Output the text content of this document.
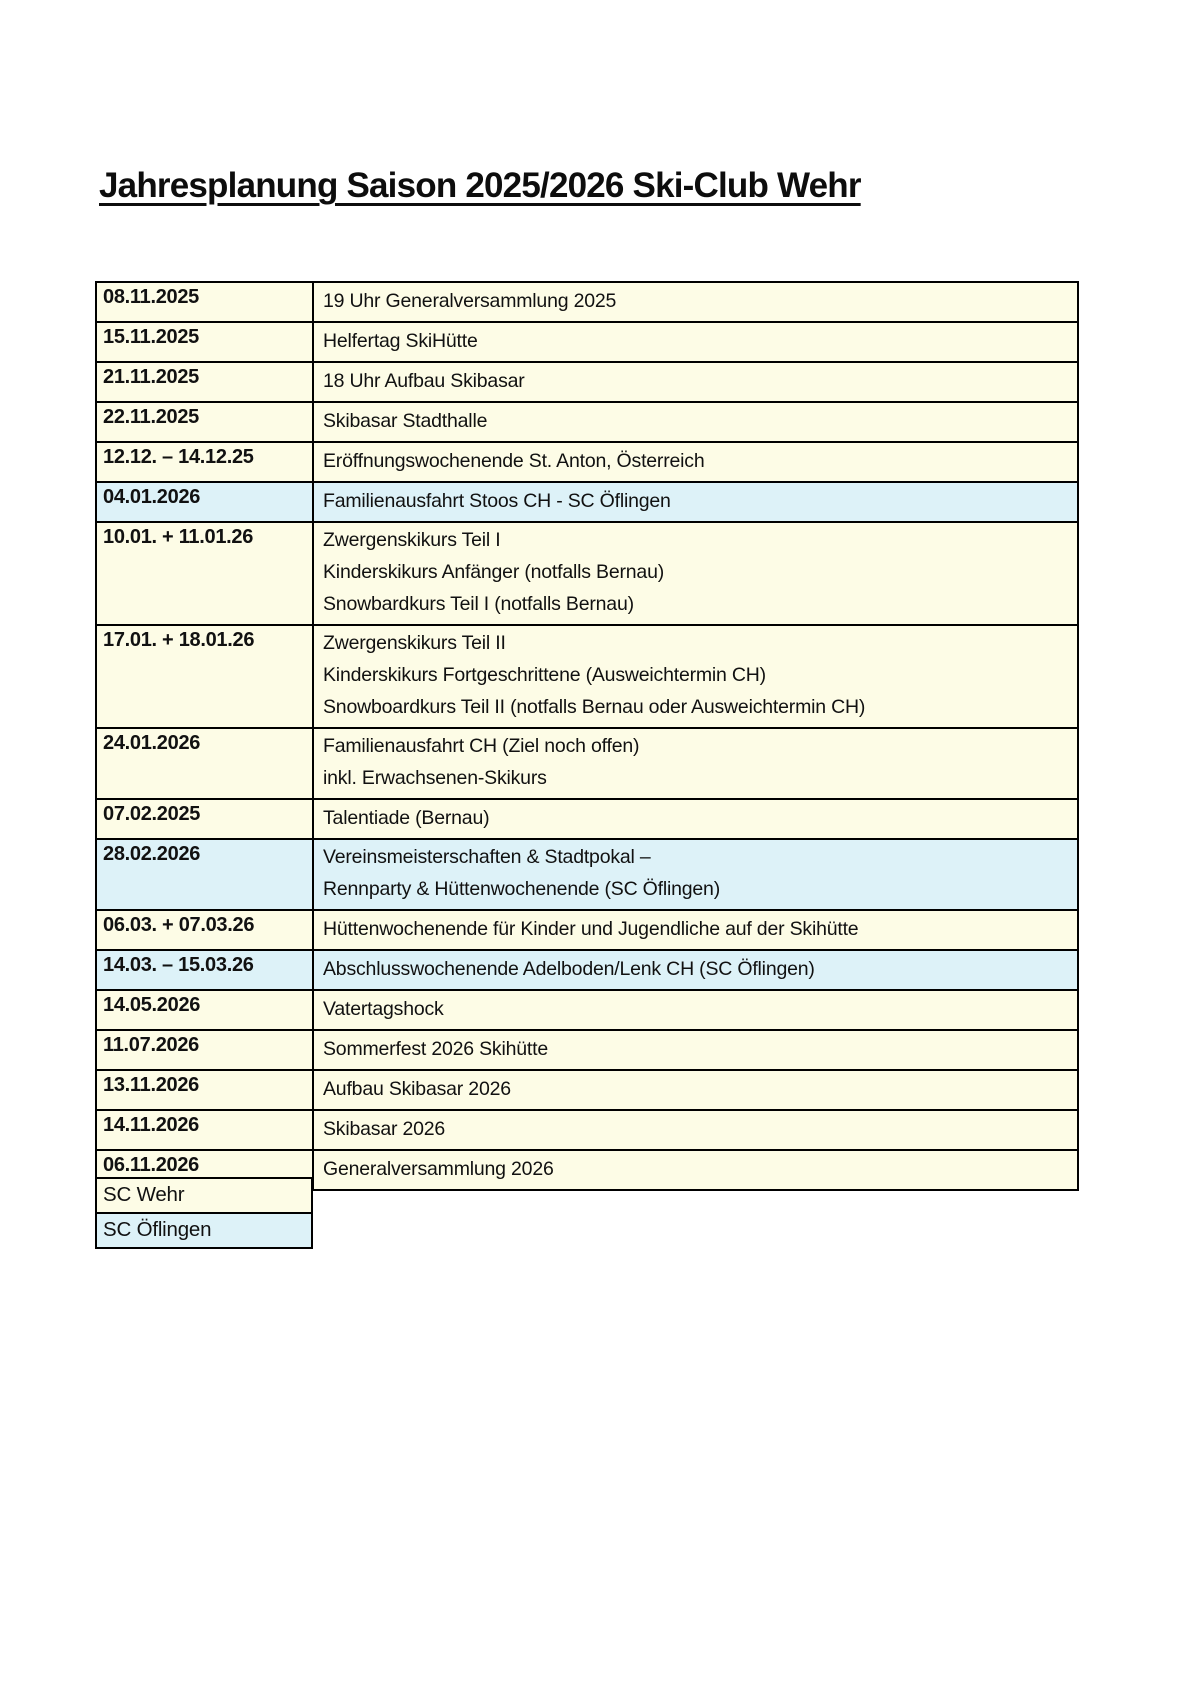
Jahresplanung Saison 2025/2026 Ski-Club Wehr
08.11.2025	19 Uhr Generalversammlung 2025

15.11.2025	Helfertag SkiHütte

21.11.2025	18 Uhr Aufbau Skibasar

22.11.2025	Skibasar Stadthalle

12.12. – 14.12.25	Eröffnungswochenende St. Anton, Österreich

04.01.2026	Familienausfahrt Stoos CH - SC Öflingen

10.01. + 11.01.26	Zwergenskikurs Teil I
Kinderskikurs Anfänger (notfalls Bernau)
Snowbardkurs Teil I (notfalls Bernau)

17.01. + 18.01.26	Zwergenskikurs Teil II
Kinderskikurs Fortgeschrittene (Ausweichtermin CH)
Snowboardkurs Teil II (notfalls Bernau oder Ausweichtermin CH)

24.01.2026	Familienausfahrt CH (Ziel noch offen)
inkl. Erwachsenen-Skikurs

07.02.2025	Talentiade (Bernau)

28.02.2026	Vereinsmeisterschaften & Stadtpokal –
Rennparty & Hüttenwochenende (SC Öflingen)

06.03. + 07.03.26	Hüttenwochenende für Kinder und Jugendliche auf der Skihütte

14.03. – 15.03.26	Abschlusswochenende Adelboden/Lenk CH (SC Öflingen)

14.05.2026	Vatertagshock

11.07.2026	Sommerfest 2026 Skihütte

13.11.2026	Aufbau Skibasar 2026

14.11.2026	Skibasar 2026

06.11.2026	Generalversammlung 2026
SC Wehr
SC Öflingen
